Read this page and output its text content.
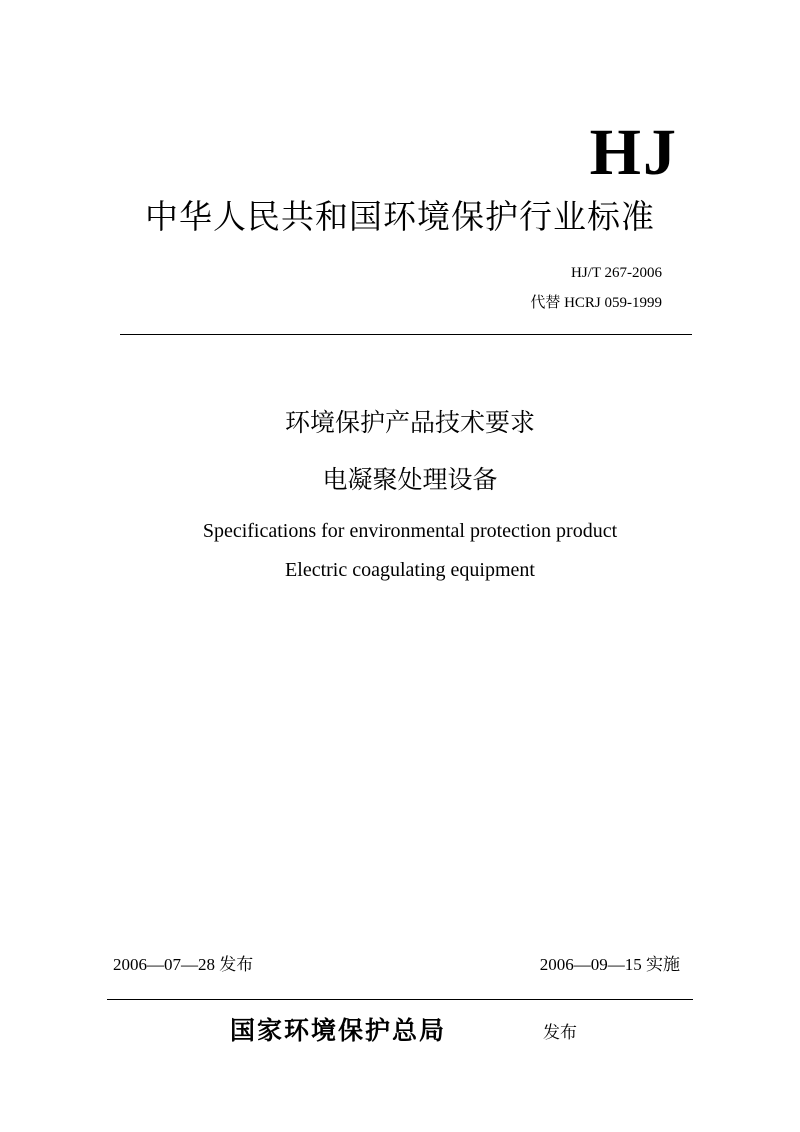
HJ
中华人民共和国环境保护行业标准
HJ/T 267-2006
代替 HCRJ 059-1999
环境保护产品技术要求
电凝聚处理设备
Specifications for environmental protection product
Electric coagulating equipment
2006—07—28 发布	2006—09—15 实施
国家环境保护总局	发布
